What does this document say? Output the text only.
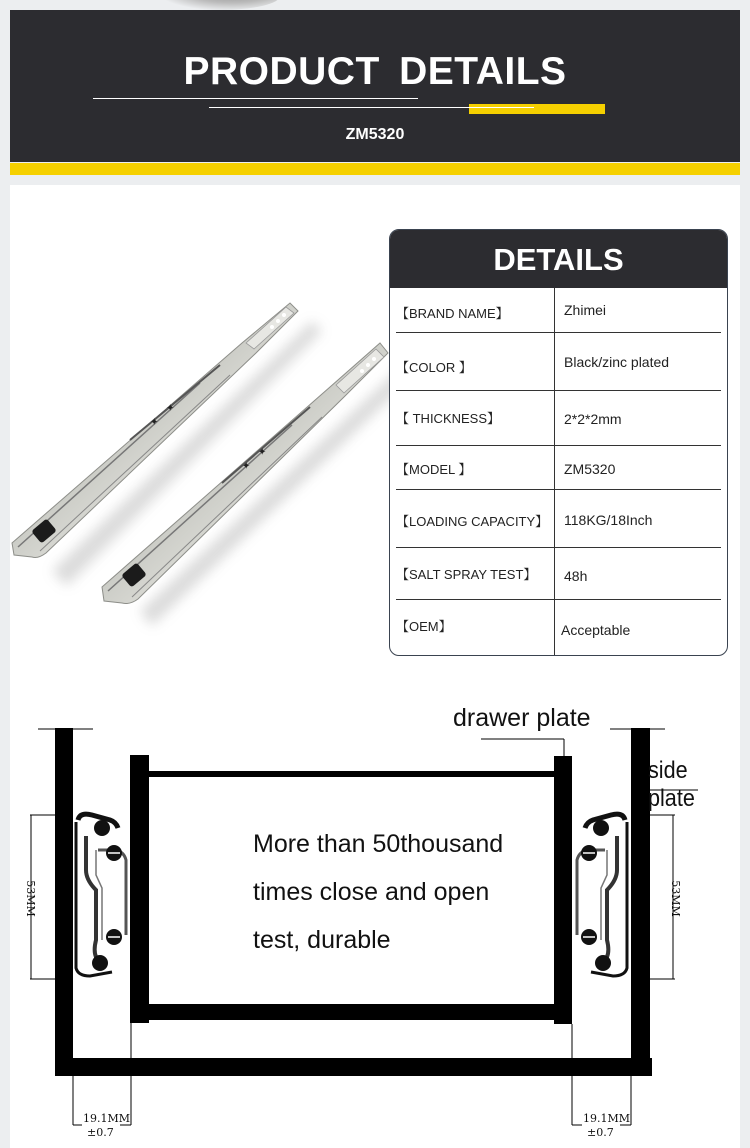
PRODUCT DETAILS
ZM5320
✦
✦
✦
✦
DETAILS
【BRAND NAME】	Zhimei
【COLOR 】	Black/zinc plated
【 THICKNESS】	2*2*2mm
【MODEL 】	ZM5320
【LOADING CAPACITY】 118KG/18Inch
【SALT SPRAY TEST】 48h
【OEM】	Acceptable
drawer plate
side plate
More than 50thousand
times close and open
test, durable
53MM	53MM
19.1MM
±0.7
19.1MM
±0.7
